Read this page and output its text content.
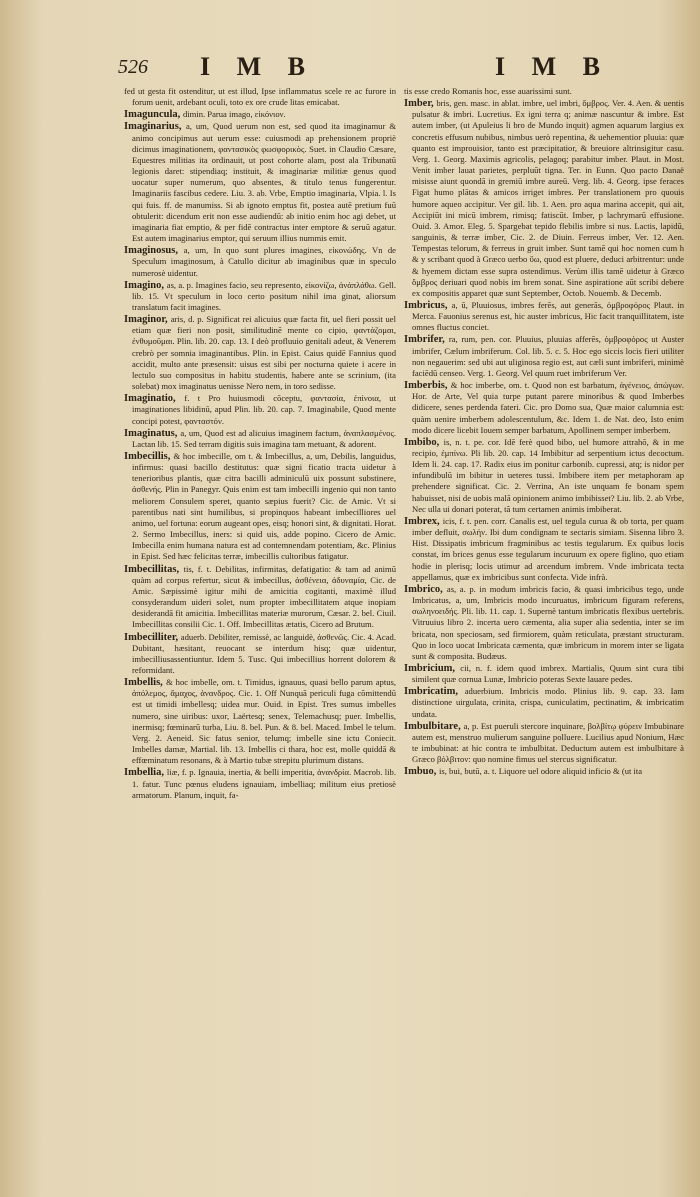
526 I M B	I M B
fed ut gesta fit ostenditur, ut est illud, Ipse inflammatus scele re ac furore in forum uenit, ardebant oculi, toto ex ore crude litas emicabat.
Imaguncula, dimin. Parua imago, εἰκόνιον.
Imaginarius, a, um, Quod uerum non est, sed quod ita imaginamur & animo concipimus aut uerum esse: cuiusmodi ap prehensionem propriè dicimus imaginationem, φαντασικὸς φωσφορικὸς. Suet. in Claudio Cæsare, Equestres militias ita ordinauit, ut post cohorte alam, post ala Tribunatū legionis daret: stipendiaq; instituit, & imaginariæ militiæ genus quod uocatur super numerum, quo absentes, & titulo tenus fungerentur. Imaginariis fascibus cedere. Liu. 3. ab. Vrbe, Emptio imaginaria, Vlpia. l. Is qui fuis. ff. de manumiss. Si ab ignoto emptus fit, postea autē pretium fuū obtulerit: dicendum erit non esse audiendū: ab initio enim hoc agi debet, ut imaginaria fiat emptio, & per fidē contractus inter emptore & seruū agatur. Est autem imaginarius emptor, qui seruum illius nummis emit.
Imaginosus, a, um, In quo sunt plures imagines, εἰκονώδης. Vn de Speculum imaginosum, à Catullo dicitur ab imaginibus quæ in speculo numerosè uidentur.
Imagino, as, a. p. Imagines facio, seu represento, εἰκονίζω, ἀνάπλάθω. Gell. lib. 15. Vt speculum in loco certo positum nihil ima ginat, aliorsum translatum facit imagines.
Imaginor, aris, d. p. Significat rei alicuius quæ facta fit, uel fieri possit uel etiam quæ fieri non posit, similitudinē mente co cipio, φαντάζομαι, ἐνθυμοῦμαι. Plin. lib. 20. cap. 13. I deò profluuio genitali adeut, & Venerem crebrò per somnia imaginantibus. Plin. in Epist. Caius quidē Fannius quod accidit, multo ante præsensit: uisus est sibi per nocturna quiete i acere in lectulo suo compositus in habitu studentis, habere ante se scrinium, (ita solebat) mox imaginatus uenisse Nero nem, in toro sedisse.
Imaginatio, f. t Pro huiusmodi cōceptu, φαντασία, ἐπίνοια, ut imaginationes libidinū, apud Plin. lib. 20. cap. 7. Imaginabile, Quod mente concipi potest, φανταστόν.
Imaginatus, a, um, Quod est ad alicuius imaginem factum, ἀναπλασμένος. Lactan lib. 15. Sed terram digitis suis imagina tam metuant, & adorent.
Imbecillis, & hoc imbecille, om t. & Imbecillus, a, um, Debilis, languidus, infirmus: quasi bacillo destitutus: quæ signi ficatio tracta uidetur à tenerioribus plantis, quæ citra bacilli adminiculū uix possunt substinere, ἀσθενής. Plin in Panegyr. Quis enim est tam imbecilli ingenio qui non tanto meliorem Consulem speret, quanto sæpius fuerit? Cic. de Amic. Vt si parentibus nati sint humilibus, si propinquos habeant imbecilliores uel animo, uel fortuna: eorum augeant opes, eisq; honori sint, & dignitati. Horat. 2. Sermo Imbecillus, iners: si quid uis, adde popino. Cicero de Amic. Imbecilla enim humana natura est ad contemnendam potentiam, &c. Plinius in Epist. Sed hæc felicitas terræ, imbecillis cultoribus fatigatur.
Imbecillitas, tis, f. t. Debilitas, infirmitas, defatigatio: & tam ad animū quàm ad corpus refertur, sicut & imbecillus, ἀσθένεια, ἀδυναμία, Cic. de Amic. Sæpissimè igitur mihi de amicitia cogitanti, maximè illud consyderandum uideri solet, num propter imbecillitatem atque inopiam desiderandā fit amicitia. Imbecillitas materiæ murorum, Cæsar. 2. bel. Ciuil. Imbecillitas consilii Cic. 1. Off. Imbecillitas ætatis, Cicero ad Brutum.
Imbecilliter, aduerb. Debiliter, remissè, ac languidè, ἀσθενῶς. Cic. 4. Acad. Dubitant, hæsitant, reuocant se interdum hisq; quæ uidentur, imbecilliusassentiuntur. Idem 5. Tusc. Qui imbecillius horrent dolorem & reformidant.
Imbellis, & hoc imbelle, om. t. Timidus, ignauus, quasi bello parum aptus, ἀπόλεμος, ἄμαχος, ἀνανδρος. Cic. 1. Off Nunquã periculi fuga cõmittendū est ut timidi imbellesq; uidea mur. Ouid. in Epist. Tres sumus imbelles numero, sine uiribus: uxor, Laërtesq; senex, Telemachusq; puer. Imbellis, inermisq; fœminarū turba, Liu. 8. bel. Pun. & 8. bel. Maced. Imbel le telum. Verg. 2. Aeneid. Sic fatus senior, telumq; imbelle sine ictu Coniecit. Imbelles damæ, Martial. lib. 13. Imbellis ci thara, hoc est, molle quiddā & effœminatum resonans, & à Martio tubæ strepitu plurimum distans.
Imbellia, liæ, f. p. Ignauia, inertia, & belli imperitia, ἀνανδρία. Macrob. lib. 1. fatur. Tunc pœnus eludens ignauiam, imbelliaq; militum eius pretiosè armatorum. Planum, inquit, fa-
tis esse credo Romanis hoc, esse auarissimi sunt.
Imber, bris, gen. masc. in ablat. imbre, uel imbri, ὄμβρος. Ver. 4. Aen. & uentis pulsatur & imbri. Lucretius. Ex igni terra q; animæ nascuntur & imbre. Est autem imber, (ut Apuleius li bro de Mundo inquit) agmen aquarum largius ex concretis effusum nubibus, nimbus uerò repentina, & uehementior pluuia: quæ quanto est improuisior, tanto est præcipitatior, & breuiore altrinsigitur casu. Verg. 1. Georg. Maximis agricolis, pelagoq; parabitur imber. Plaut. in Most. Venit imber lauat parietes, perpluūt tigna. Ter. in Eunn. Quo pacto Danaë misisse aiunt quondā in gremiū imbre aureū. Verg. lib. 4. Georg. ipse feraces Figat humo plātas & amicos irriget imbres. Per translationem pro quouis humore aqueo accipitur. Ver gil. lib. 1. Aen. pro aqua marina accepit, qui ait, Accipiūt ini micū imbrem, rimisq; fatiscūt. Imber, p lachrymarū effusione. Ouid. 3. Amor. Eleg. 5. Spargebat tepido flebilis imbre si nus. Lactis, lapidū, sanguinis, & terræ imber, Cic. 2. de Diuin. Ferreus imber, Ver. 12. Aen. Tempestas telorum, & ferreus in gruit imber. Sunt tamē qui hoc nomen cum h & y scribant quod à Græco uerbo ὕω, quod est pluere, deduci arbitrentur: unde & hyemem dictam esse supra ostendimus. Verùm illis tamē uidetur à Græco ὄμβρος deriuari quod nobis im brem sonat. Sine aspiratione aūt scribi debere ex compositis apparet quæ sunt September, Octob. Nouemb. & Decemb.
Imbricus, a, ū, Pluuiosus, imbres ferēs, aut generās, ὀμβροφόρος Plaut. in Merca. Fauonius serenus est, hic auster imbricus, Hic facit tranquillitatem, iste omnes fluctus conciet.
Imbrifer, ra, rum, pen. cor. Pluuius, pluuias afferēs, ὀμβροφόρος ut Auster imbrifer, Cælum imbriferum. Col. lib. 5. c. 5. Hoc ego siccis locis fieri utiliter non negauerim: sed ubi aut uliginosa regio est, aut cæli sunt imbriferi, minimè faciēdū censeo. Verg. 1. Georg. Vel quum ruet imbriferum Ver.
Imberbis, & hoc imberbe, om. t. Quod non est barbatum, ἀγένειος, ἀπώγων. Hor. de Arte, Vel quia turpe putant parere minoribus & quod Imberbes didicere, senes perdenda fateri. Cic. pro Domo sua, Quæ maior calumnia est: quàm uenire imberbem adolescentulum, &c. Idem 1. de Nat. deo, Isto enim modo dicere licebit Iouem semper barbatum, Apollinem semper imberbem.
Imbibo, is, n. t. pe. cor. Idē ferè quod bibo, uel humore attrahō, & in me recipio, ἐμπίνω. Pli lib. 20. cap. 14 Imbibitur ad serpentium ictus decoctum. Idem li. 24. cap. 17. Radix eius im ponitur carbonib. cupressi, atq; is nidor per infundibulū im bibitur in ueteres tussi. Imbibere item per metaphoram ap prehendere significat. Cic. 2. Verrina, An iste unquam fe bonam spem habuisset, nisi de uobis malā opinionem animo imbibisset? Liu. lib. 2. ab Vrbe, Nec ulla ui donari poterat, tã tum certamen animis imbiberat.
Imbrex, icis, f. t. pen. corr. Canalis est, uel tegula curua & ob torta, per quam imber defluit, σωλήν. Ibi dum condignam te sectaris simiam. Sisenna libro 3. Hist. Dissipatis imbricum fragminibus ac testis tegularum. Ex quibus locis constat, im brices genus esse tegularum incuruum ex opere figlino, quo etiam hodie in plerisq; locis utimur ad arcendum imbrem. Vnde imbricata tecta appellamus, quæ ex imbricibus sunt confecta. Vide infrà.
Imbrico, as, a. p. in modum imbricis facio, & quasi imbricibus tego, unde Imbricatus, a, um, Imbricis modo incuruatus, imbricum figuram referens, σωληνοειδής. Pli. lib. 11. cap. 1. Supernè tantum imbricatis flexibus uertebris. Vitruuius libro 2. incerta uero cæmenta, alia super alia sedentia, inter se im bricata, non speciosam, sed firmiorem, quàm reticulata, præstant structuram. Quo in loco uocat Imbricata cæmenta, quæ imbricum in morem inter se ligata sunt & composita. Budæus.
Imbricium, cii, n. f. idem quod imbrex. Martialis, Quum sint cura tibi similent quæ cornua Lunæ, Imbricio poteras Sexte lauare pedes.
Imbricatim, aduerbium. Imbricis modo. Plinius lib. 9. cap. 33. Iam distinctione uirgulata, crinita, crispa, cuniculatim, pectinatim, & imbricatim undata.
Imbulbitare, a, p. Est pueruli stercore inquinare, βολβίτῳ φύρειν Imbubinare autem est, menstruo mulierum sanguine polluere. Lucilius apud Nonium, Hæc te imbubinat: at hic contra te imbulbitat. Deductum autem est imbulbitare à Græco βόλβιτον: quo nomine fimus uel stercus significatur.
Imbuo, is, bui, butū, a. t. Liquore uel odore aliquid inficio & (ut ita
